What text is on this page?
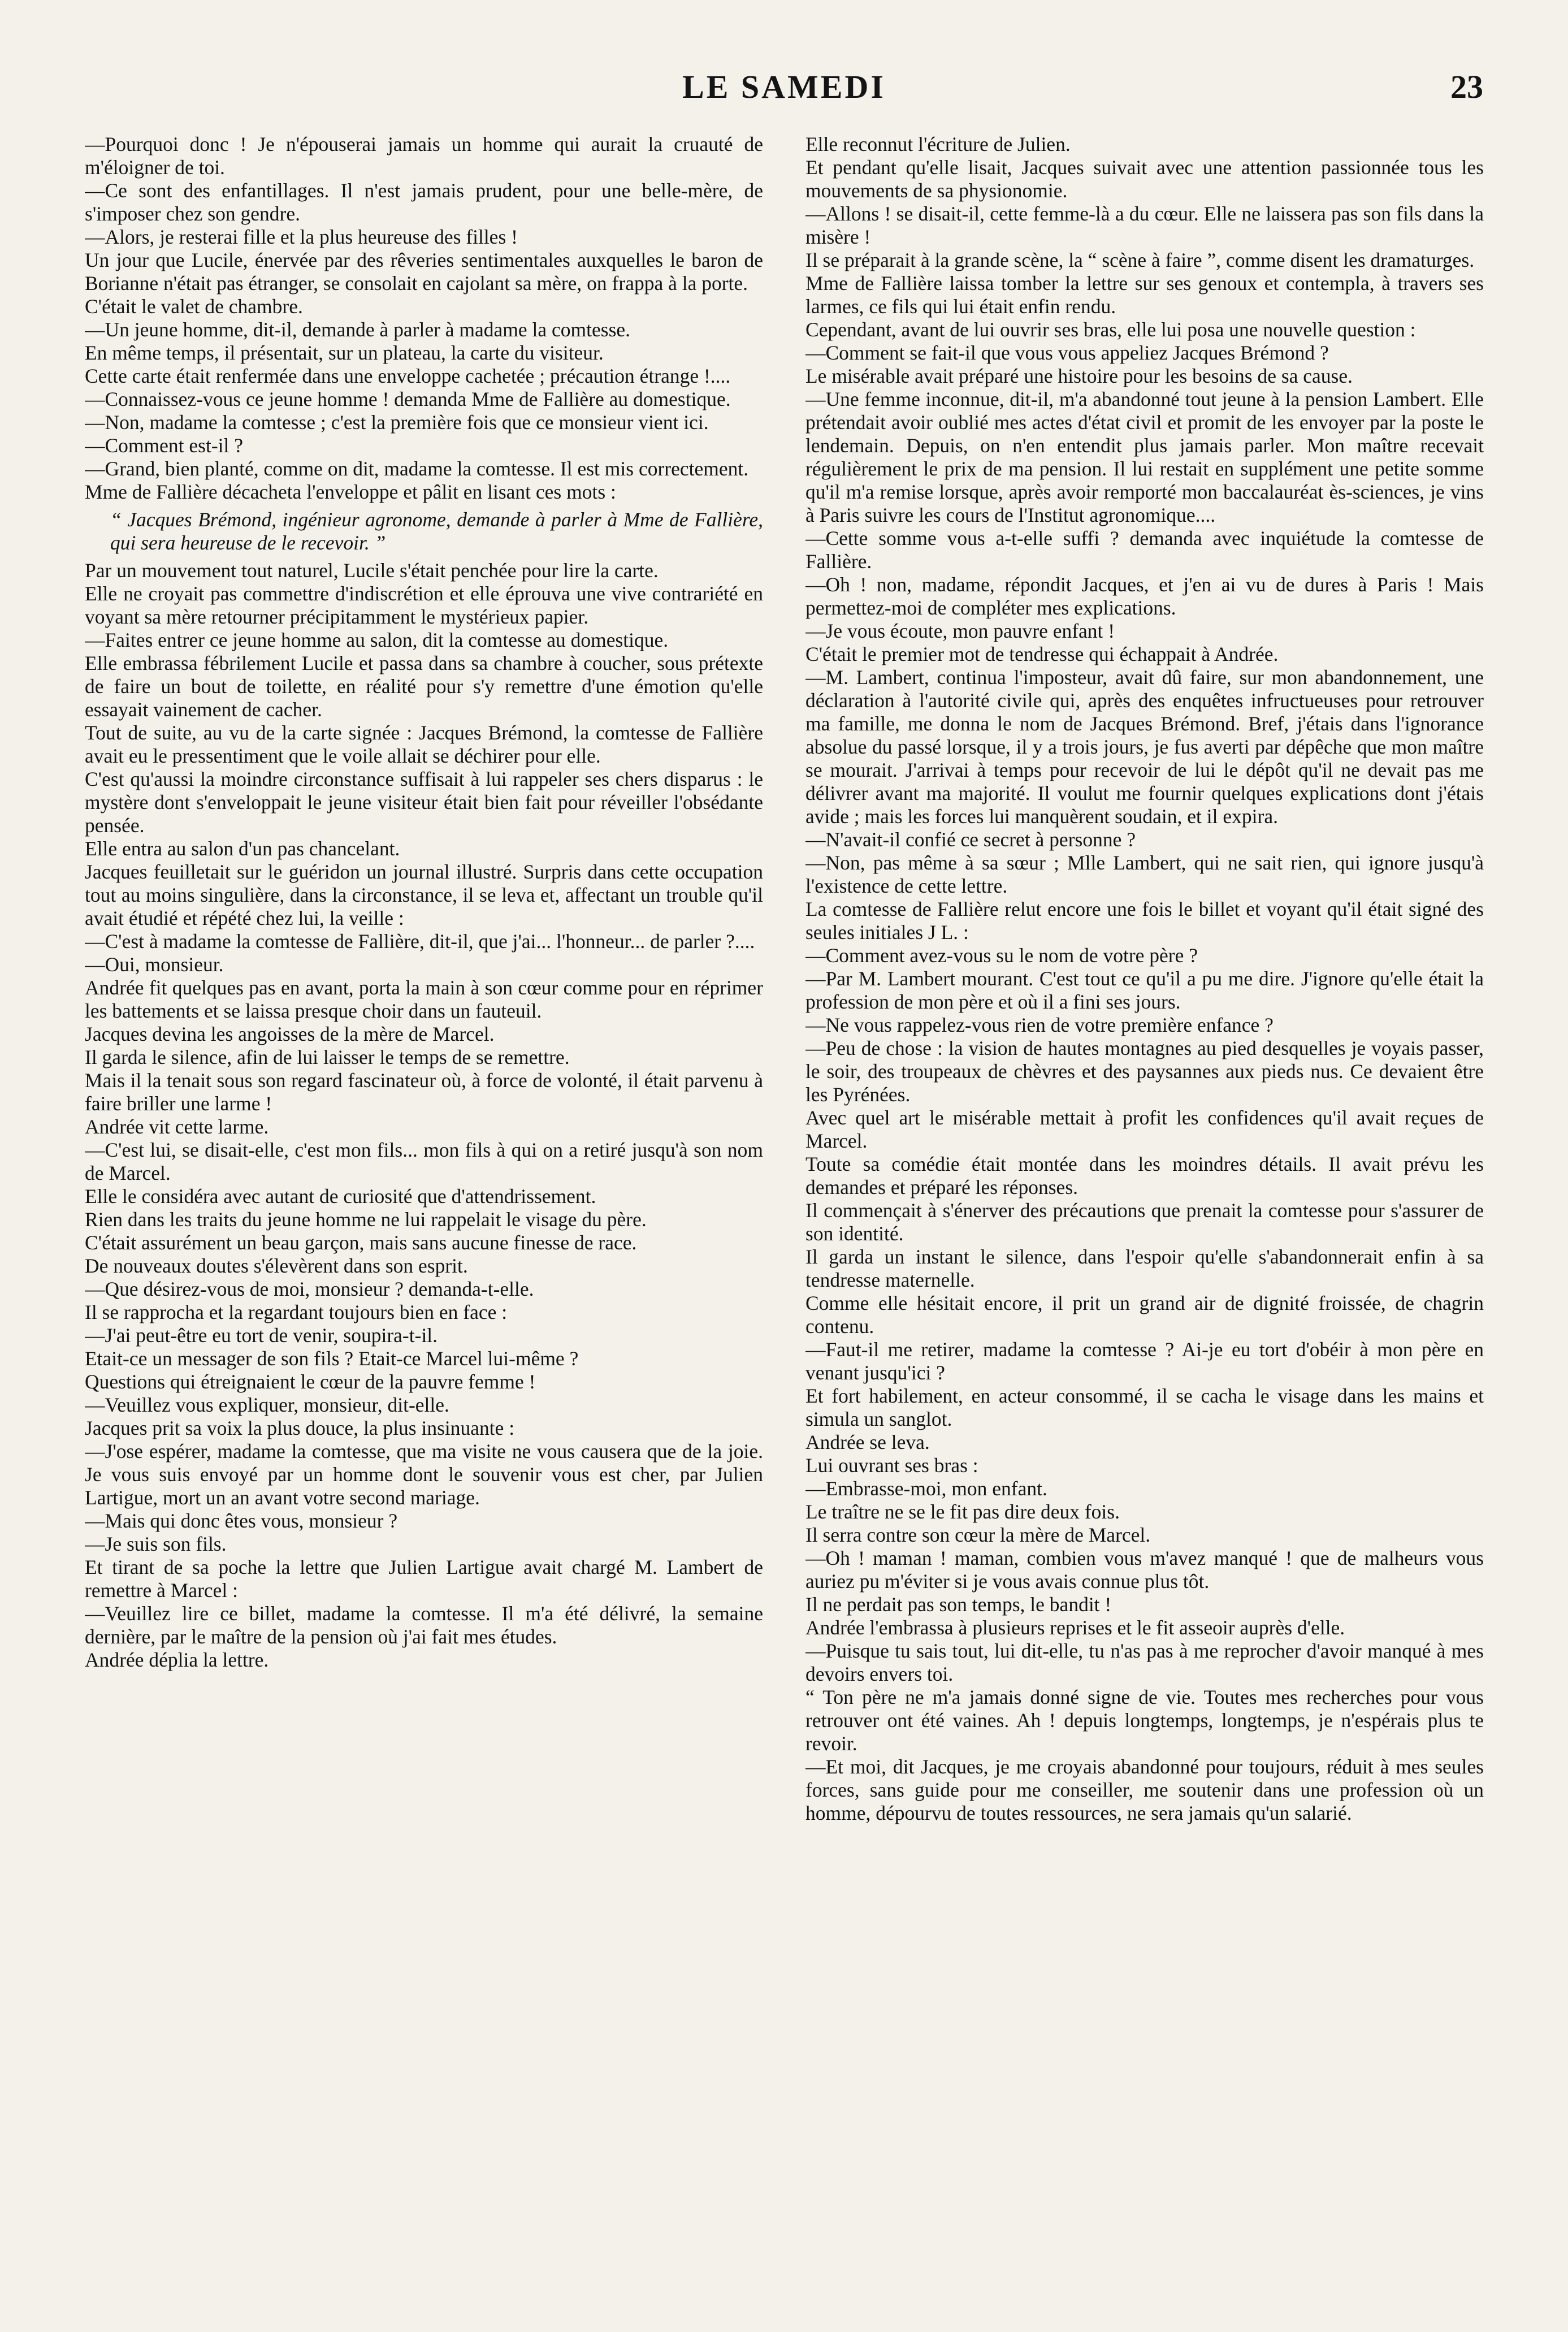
LE SAMEDI	23

—Pourquoi donc ! Je n'épouserai jamais un homme qui aurait la cruauté de m'éloigner de toi.

—Ce sont des enfantillages. Il n'est jamais prudent, pour une belle-mère, de s'imposer chez son gendre.

—Alors, je resterai fille et la plus heureuse des filles !

Un jour que Lucile, énervée par des rêveries sentimentales auxquelles le baron de Borianne n'était pas étranger, se consolait en cajolant sa mère, on frappa à la porte.

C'était le valet de chambre.

—Un jeune homme, dit-il, demande à parler à madame la comtesse.

En même temps, il présentait, sur un plateau, la carte du visiteur.

Cette carte était renfermée dans une enveloppe cachetée ; précaution étrange !....

—Connaissez-vous ce jeune homme ! demanda Mme de Fallière au domestique.

—Non, madame la comtesse ; c'est la première fois que ce monsieur vient ici.

—Comment est-il ?

—Grand, bien planté, comme on dit, madame la comtesse. Il est mis correctement.

Mme de Fallière décacheta l'enveloppe et pâlit en lisant ces mots :

“ Jacques Brémond, ingénieur agronome, demande à parler à Mme de Fallière, qui sera heureuse de le recevoir. ”

Par un mouvement tout naturel, Lucile s'était penchée pour lire la carte.

Elle ne croyait pas commettre d'indiscrétion et elle éprouva une vive contrariété en voyant sa mère retourner précipitamment le mystérieux papier.

—Faites entrer ce jeune homme au salon, dit la comtesse au domestique.

Elle embrassa fébrilement Lucile et passa dans sa chambre à coucher, sous prétexte de faire un bout de toilette, en réalité pour s'y remettre d'une émotion qu'elle essayait vainement de cacher.

Tout de suite, au vu de la carte signée : Jacques Brémond, la comtesse de Fallière avait eu le pressentiment que le voile allait se déchirer pour elle.

C'est qu'aussi la moindre circonstance suffisait à lui rappeler ses chers disparus : le mystère dont s'enveloppait le jeune visiteur était bien fait pour réveiller l'obsédante pensée.

Elle entra au salon d'un pas chancelant.

Jacques feuilletait sur le guéridon un journal illustré. Surpris dans cette occupation tout au moins singulière, dans la circonstance, il se leva et, affectant un trouble qu'il avait étudié et répété chez lui, la veille :

—C'est à madame la comtesse de Fallière, dit-il, que j'ai... l'honneur... de parler ?....

—Oui, monsieur.

Andrée fit quelques pas en avant, porta la main à son cœur comme pour en réprimer les battements et se laissa presque choir dans un fauteuil.

Jacques devina les angoisses de la mère de Marcel.

Il garda le silence, afin de lui laisser le temps de se remettre.

Mais il la tenait sous son regard fascinateur où, à force de volonté, il était parvenu à faire briller une larme !

Andrée vit cette larme.

—C'est lui, se disait-elle, c'est mon fils... mon fils à qui on a retiré jusqu'à son nom de Marcel.

Elle le considéra avec autant de curiosité que d'attendrissement.

Rien dans les traits du jeune homme ne lui rappelait le visage du père.

C'était assurément un beau garçon, mais sans aucune finesse de race.

De nouveaux doutes s'élevèrent dans son esprit.

—Que désirez-vous de moi, monsieur ? demanda-t-elle.

Il se rapprocha et la regardant toujours bien en face :

—J'ai peut-être eu tort de venir, soupira-t-il.

Etait-ce un messager de son fils ? Etait-ce Marcel lui-même ?

Questions qui étreignaient le cœur de la pauvre femme !

—Veuillez vous expliquer, monsieur, dit-elle.

Jacques prit sa voix la plus douce, la plus insinuante :

—J'ose espérer, madame la comtesse, que ma visite ne vous causera que de la joie. Je vous suis envoyé par un homme dont le souvenir vous est cher, par Julien Lartigue, mort un an avant votre second mariage.

—Mais qui donc êtes vous, monsieur ?

—Je suis son fils.

Et tirant de sa poche la lettre que Julien Lartigue avait chargé M. Lambert de remettre à Marcel :

—Veuillez lire ce billet, madame la comtesse. Il m'a été délivré, la semaine dernière, par le maître de la pension où j'ai fait mes études.

Andrée déplia la lettre.

Elle reconnut l'écriture de Julien.

Et pendant qu'elle lisait, Jacques suivait avec une attention passionnée tous les mouvements de sa physionomie.

—Allons ! se disait-il, cette femme-là a du cœur. Elle ne laissera pas son fils dans la misère !

Il se préparait à la grande scène, la “ scène à faire ”, comme disent les dramaturges.

Mme de Fallière laissa tomber la lettre sur ses genoux et contempla, à travers ses larmes, ce fils qui lui était enfin rendu.

Cependant, avant de lui ouvrir ses bras, elle lui posa une nouvelle question :

—Comment se fait-il que vous vous appeliez Jacques Brémond ?

Le misérable avait préparé une histoire pour les besoins de sa cause.

—Une femme inconnue, dit-il, m'a abandonné tout jeune à la pension Lambert. Elle prétendait avoir oublié mes actes d'état civil et promit de les envoyer par la poste le lendemain. Depuis, on n'en entendit plus jamais parler. Mon maître recevait régulièrement le prix de ma pension. Il lui restait en supplément une petite somme qu'il m'a remise lorsque, après avoir remporté mon baccalauréat ès-sciences, je vins à Paris suivre les cours de l'Institut agronomique....

—Cette somme vous a-t-elle suffi ? demanda avec inquiétude la comtesse de Fallière.

—Oh ! non, madame, répondit Jacques, et j'en ai vu de dures à Paris ! Mais permettez-moi de compléter mes explications.

—Je vous écoute, mon pauvre enfant !

C'était le premier mot de tendresse qui échappait à Andrée.

—M. Lambert, continua l'imposteur, avait dû faire, sur mon abandonnement, une déclaration à l'autorité civile qui, après des enquêtes infructueuses pour retrouver ma famille, me donna le nom de Jacques Brémond. Bref, j'étais dans l'ignorance absolue du passé lorsque, il y a trois jours, je fus averti par dépêche que mon maître se mourait. J'arrivai à temps pour recevoir de lui le dépôt qu'il ne devait pas me délivrer avant ma majorité. Il voulut me fournir quelques explications dont j'étais avide ; mais les forces lui manquèrent soudain, et il expira.

—N'avait-il confié ce secret à personne ?

—Non, pas même à sa sœur ; Mlle Lambert, qui ne sait rien, qui ignore jusqu'à l'existence de cette lettre.

La comtesse de Fallière relut encore une fois le billet et voyant qu'il était signé des seules initiales J L. :

—Comment avez-vous su le nom de votre père ?

—Par M. Lambert mourant. C'est tout ce qu'il a pu me dire. J'ignore qu'elle était la profession de mon père et où il a fini ses jours.

—Ne vous rappelez-vous rien de votre première enfance ?

—Peu de chose : la vision de hautes montagnes au pied desquelles je voyais passer, le soir, des troupeaux de chèvres et des paysannes aux pieds nus. Ce devaient être les Pyrénées.

Avec quel art le misérable mettait à profit les confidences qu'il avait reçues de Marcel.

Toute sa comédie était montée dans les moindres détails. Il avait prévu les demandes et préparé les réponses.

Il commençait à s'énerver des précautions que prenait la comtesse pour s'assurer de son identité.

Il garda un instant le silence, dans l'espoir qu'elle s'abandonnerait enfin à sa tendresse maternelle.

Comme elle hésitait encore, il prit un grand air de dignité froissée, de chagrin contenu.

—Faut-il me retirer, madame la comtesse ? Ai-je eu tort d'obéir à mon père en venant jusqu'ici ?

Et fort habilement, en acteur consommé, il se cacha le visage dans les mains et simula un sanglot.

Andrée se leva.

Lui ouvrant ses bras :

—Embrasse-moi, mon enfant.

Le traître ne se le fit pas dire deux fois.

Il serra contre son cœur la mère de Marcel.

—Oh ! maman ! maman, combien vous m'avez manqué ! que de malheurs vous auriez pu m'éviter si je vous avais connue plus tôt.

Il ne perdait pas son temps, le bandit !

Andrée l'embrassa à plusieurs reprises et le fit asseoir auprès d'elle.

—Puisque tu sais tout, lui dit-elle, tu n'as pas à me reprocher d'avoir manqué à mes devoirs envers toi.

“ Ton père ne m'a jamais donné signe de vie. Toutes mes recherches pour vous retrouver ont été vaines. Ah ! depuis longtemps, longtemps, je n'espérais plus te revoir.

—Et moi, dit Jacques, je me croyais abandonné pour toujours, réduit à mes seules forces, sans guide pour me conseiller, me soutenir dans une profession où un homme, dépourvu de toutes ressources, ne sera jamais qu'un salarié.
